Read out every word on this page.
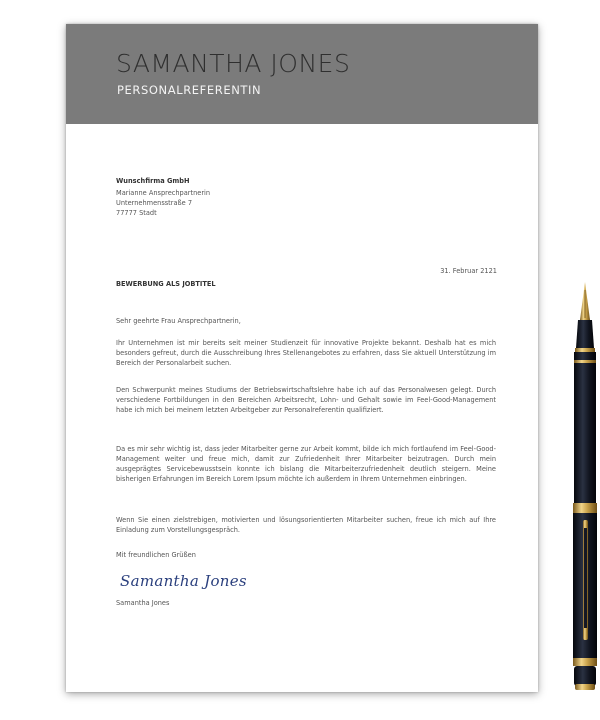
SAMANTHA JONES
PERSONALREFERENTIN
Wunschfirma GmbH
Marianne Ansprechpartnerin
Unternehmensstraße 7
77777 Stadt
31. Februar 2121
BEWERBUNG ALS JOBTITEL
Sehr geehrte Frau Ansprechpartnerin,
Ihr Unternehmen ist mir bereits seit meiner Studienzeit für innovative Projekte bekannt. Deshalb hat es mich besonders gefreut, durch die Ausschreibung Ihres Stellenangebotes zu erfahren, dass Sie aktuell Unterstützung im Bereich der Personalarbeit suchen.
Den Schwerpunkt meines Studiums der Betriebswirtschaftslehre habe ich auf das Personalwesen gelegt. Durch verschiedene Fortbildungen in den Bereichen Arbeitsrecht, Lohn- und Gehalt sowie im Feel-Good-Management habe ich mich bei meinem letzten Arbeitgeber zur Personalreferentin qualifiziert.
Da es mir sehr wichtig ist, dass jeder Mitarbeiter gerne zur Arbeit kommt, bilde ich mich fortlaufend im Feel-Good-Management weiter und freue mich, damit zur Zufriedenheit Ihrer Mitarbeiter beizutragen. Durch mein ausgeprägtes Servicebewusstsein konnte ich bislang die Mitarbeiterzufriedenheit deutlich steigern. Meine bisherigen Erfahrungen im Bereich Lorem Ipsum möchte ich außerdem in Ihrem Unternehmen einbringen.
Wenn Sie einen zielstrebigen, motivierten und lösungsorientierten Mitarbeiter suchen, freue ich mich auf Ihre Einladung zum Vorstellungsgespräch.
Mit freundlichen Grüßen
Samantha Jones
Samantha Jones
